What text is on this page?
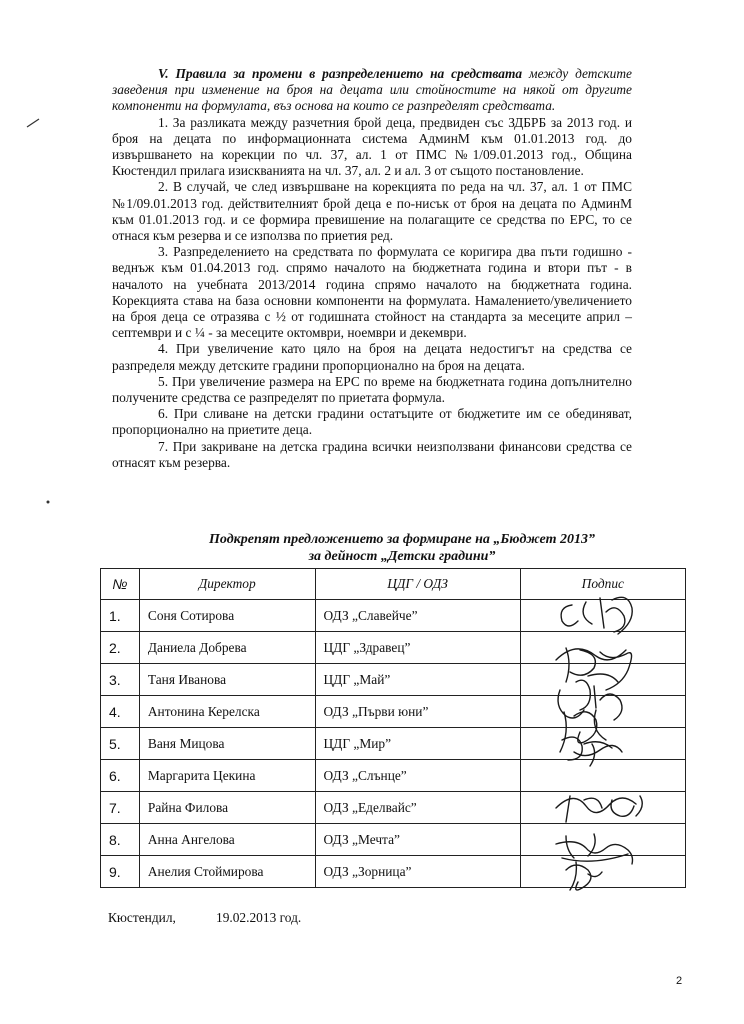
V. Правила за промени в разпределението на средствата между детските заведения при изменение на броя на децата или стойностите на някой от другите компоненти на формулата, въз основа на които се разпределят средствата.

1. За разликата между разчетния брой деца, предвиден със ЗДБРБ за 2013 год. и броя на децата по информационната система АдминМ към 01.01.2013 год. до извършването на корекции по чл. 37, ал. 1 от ПМС №1/09.01.2013 год., Община Кюстендил прилага изискванията на чл. 37, ал. 2 и ал. 3 от същото постановление.

2. В случай, че след извършване на корекцията по реда на чл. 37, ал. 1 от ПМС №1/09.01.2013 год. действителният брой деца е по-нисък от броя на децата по АдминМ към 01.01.2013 год. и се формира превишение на полагащите се средства по ЕРС, то се отнася към резерва и се използва по приетия ред.

3. Разпределението на средствата по формулата се коригира два пъти годишно - веднъж към 01.04.2013 год. спрямо началото на бюджетната година и втори път - в началото на учебната 2013/2014 година спрямо началото на бюджетната година. Корекцията става на база основни компоненти на формулата. Намалението/увеличението на броя деца се отразява с ½ от годишната стойност на стандарта за месеците април – септември и с ¼ - за месеците октомври, ноември и декември.

4. При увеличение като цяло на броя на децата недостигът на средства се разпределя между детските градини пропорционално на броя на децата.

5. При увеличение размера на ЕРС по време на бюджетната година допълнително получените средства се разпределят по приетата формула.

6. При сливане на детски градини остатъците от бюджетите им се обединяват, пропорционално на приетите деца.

7. При закриване на детска градина всички неизползвани финансови средства се отнасят към резерва.

Подкрепят предложението за формиране на „Бюджет 2013”
за дейност „Детски градини”
№	Директор	ЦДГ / ОДЗ	Подпис
1.	Соня Сотирова	ОДЗ „Славейче”	
2.	Даниела Добрева	ЦДГ „Здравец”	
3.	Таня Иванова	ЦДГ „Май”	
4.	Антонина Керелска	ОДЗ „Първи юни”	
5.	Ваня Мицова	ЦДГ „Мир”	
6.	Маргарита Цекина	ОДЗ „Слънце”	
7.	Райна Филова	ОДЗ „Еделвайс”	
8.	Анна Ангелова	ОДЗ „Мечта”	
9.	Анелия Стоймирова	ОДЗ „Зорница”	
Кюстендил,	19.02.2013 год.
2
